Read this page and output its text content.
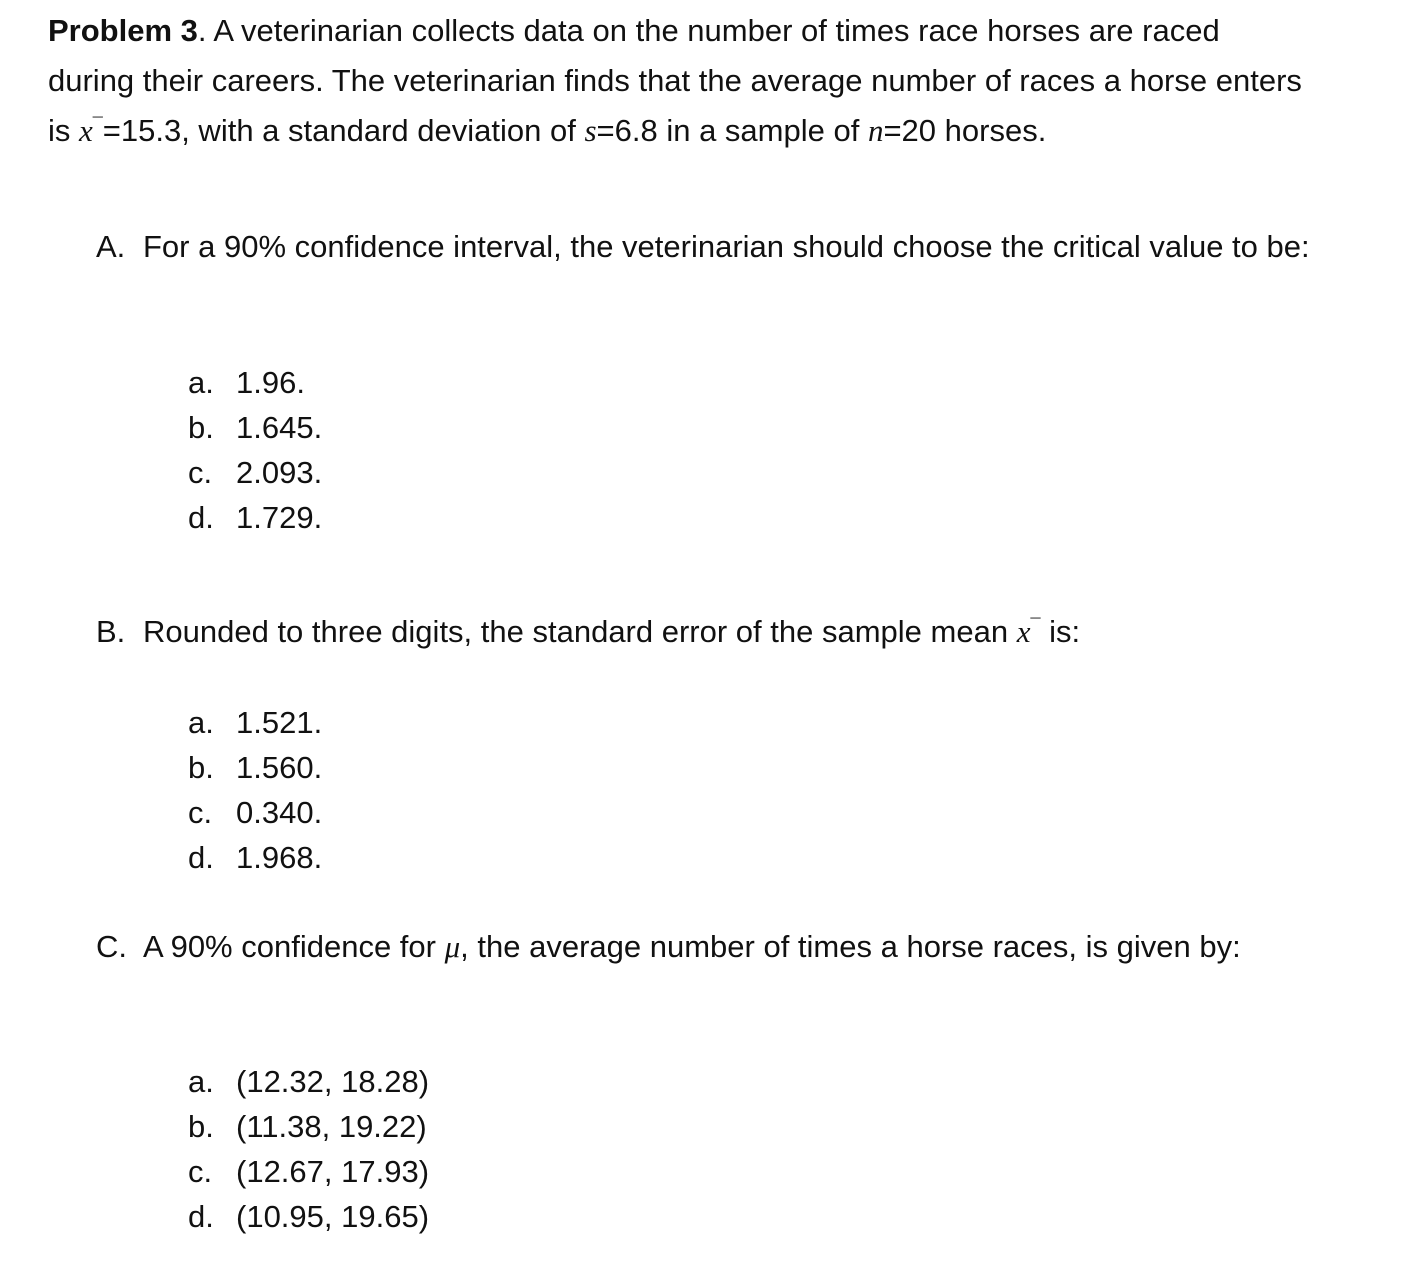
Problem 3. A veterinarian collects data on the number of times race horses are raced during their careers. The veterinarian finds that the average number of races a horse enters is x¯=15.3, with a standard deviation of s=6.8 in a sample of n=20 horses.
A. For a 90% confidence interval, the veterinarian should choose the critical value to be:
a. 1.96.
b. 1.645.
c. 2.093.
d. 1.729.
B. Rounded to three digits, the standard error of the sample mean x¯ is:
a. 1.521.
b. 1.560.
c. 0.340.
d. 1.968.
C. A 90% confidence for μ, the average number of times a horse races, is given by:
a. (12.32, 18.28)
b. (11.38, 19.22)
c. (12.67, 17.93)
d. (10.95, 19.65)
